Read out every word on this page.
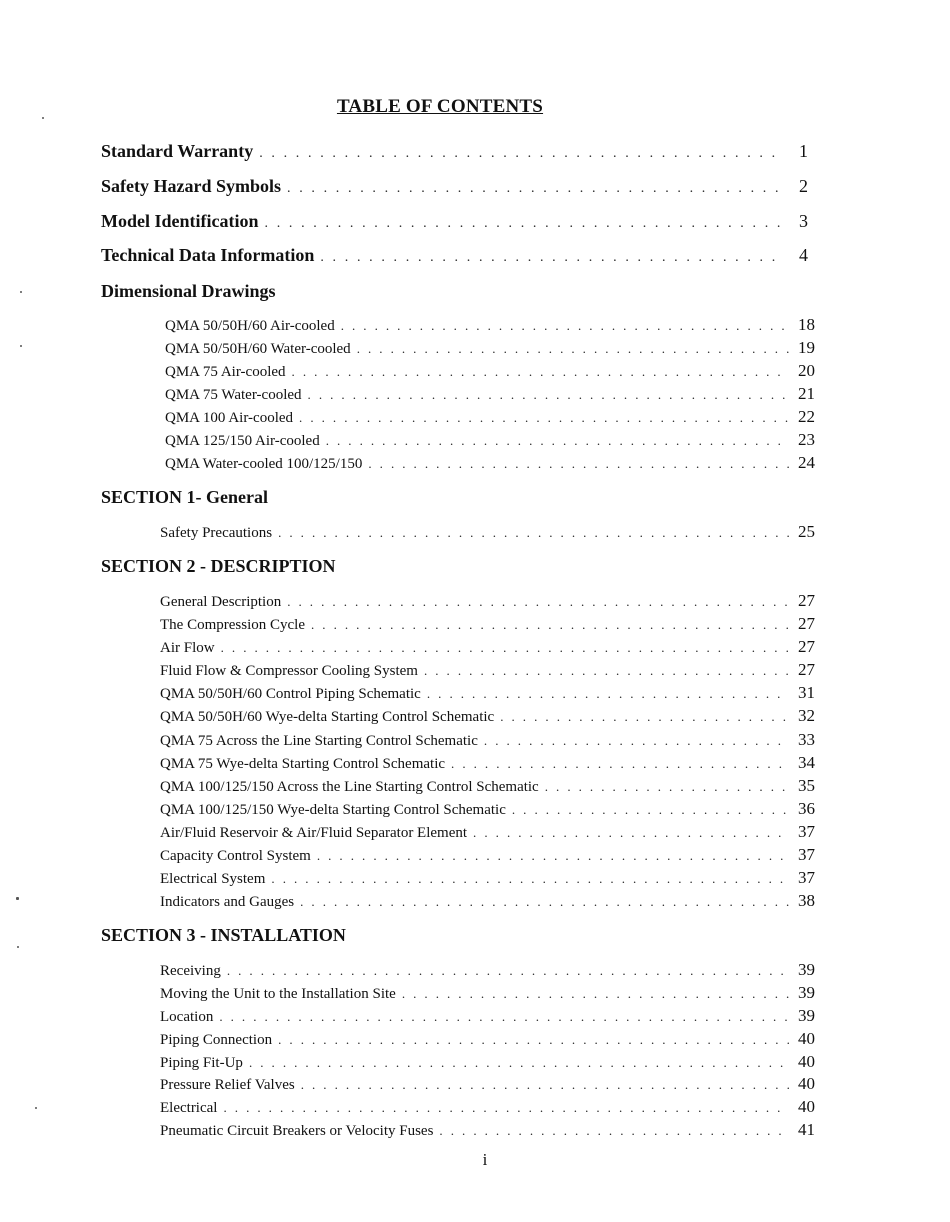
TABLE OF CONTENTS
Standard Warranty . . .	1
Safety Hazard Symbols . . .	2
Model Identification . . .	3
Technical Data Information . . .	4
Dimensional Drawings
QMA 50/50H/60 Air-cooled . . .	18
QMA 50/50H/60 Water-cooled . . .	19
QMA 75 Air-cooled . . .	20
QMA 75 Water-cooled . . .	21
QMA 100 Air-cooled . . .	22
QMA 125/150 Air-cooled . . .	23
QMA Water-cooled 100/125/150 . . .	24
SECTION 1- General
Safety Precautions . . .	25
SECTION 2 - DESCRIPTION
General Description . . .	27
The Compression Cycle . . .	27
Air Flow . . .	27
Fluid Flow & Compressor Cooling System . . .	27
QMA 50/50H/60 Control Piping Schematic . . .	31
QMA 50/50H/60 Wye-delta Starting Control Schematic . . .	32
QMA 75 Across the Line Starting Control Schematic . . .	33
QMA 75 Wye-delta Starting Control Schematic . . .	34
QMA 100/125/150 Across the Line Starting Control Schematic . . .	35
QMA 100/125/150 Wye-delta Starting Control Schematic . . .	36
Air/Fluid Reservoir & Air/Fluid Separator Element . . .	37
Capacity Control System . . .	37
Electrical System . . .	37
Indicators and Gauges . . .	38
SECTION 3 - INSTALLATION
Receiving . . .	39
Moving the Unit to the Installation Site . . .	39
Location . . .	39
Piping Connection . . .	40
Piping Fit-Up . . .	40
Pressure Relief Valves . . .	40
Electrical . . .	40
Pneumatic Circuit Breakers or Velocity Fuses . . .	41
i
